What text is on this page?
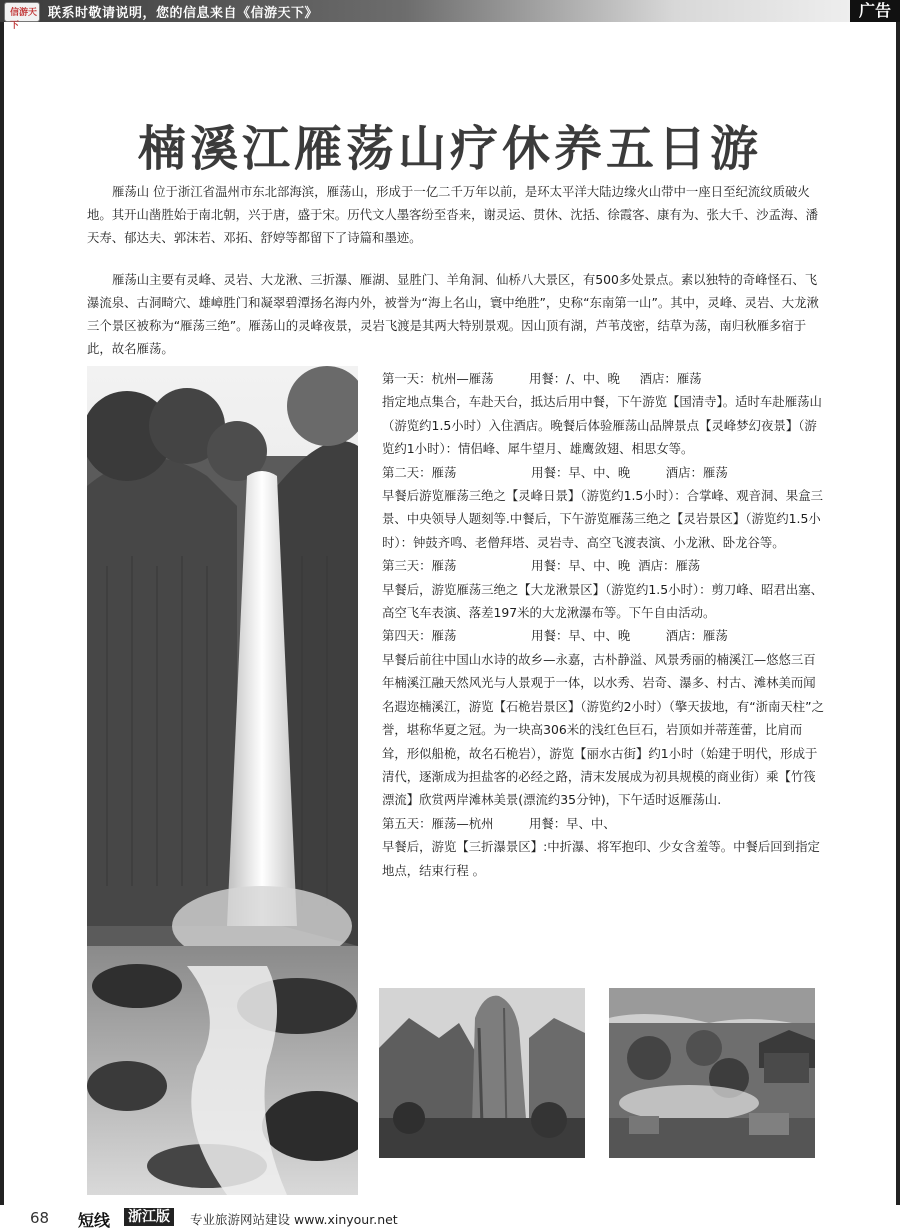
信游天下
联系时敬请说明，您的信息来自《信游天下》	广告
楠溪江雁荡山疗休养五日游
雁荡山 位于浙江省温州市东北部海滨，雁荡山，形成于一亿二千万年以前，是环太平洋大陆边缘火山带中一座日至纪流纹质破火地。其开山凿胜始于南北朝，兴于唐，盛于宋。历代文人墨客纷至沓来，谢灵运、贯休、沈括、徐霞客、康有为、张大千、沙孟海、潘天寿、郁达夫、郭沫若、邓拓、舒婷等都留下了诗篇和墨迹。
雁荡山主要有灵峰、灵岩、大龙湫、三折瀑、雁湖、显胜门、羊角洞、仙桥八大景区，有500多处景点。素以独特的奇峰怪石、飞瀑流泉、古洞畸穴、雄嶂胜门和凝翠碧潭扬名海内外，被誉为“海上名山，寰中绝胜”，史称“东南第一山”。其中，灵峰、灵岩、大龙湫三个景区被称为“雁荡三绝”。雁荡山的灵峰夜景，灵岩飞渡是其两大特别景观。因山顶有湖，芦苇茂密，结草为荡，南归秋雁多宿于此，故名雁荡。
第一天：杭州—雁荡         用餐：/、中、晚     酒店：雁荡
指定地点集合，车赴天台，抵达后用中餐，下午游览【国清寺】。适时车赴雁荡山（游览约1.5小时）入住酒店。晚餐后体验雁荡山品牌景点【灵峰梦幻夜景】（游览约1小时）：情侣峰、犀牛望月、雄鹰敛翅、相思女等。
第二天：雁荡                   用餐：早、中、晚         酒店：雁荡
早餐后游览雁荡三绝之【灵峰日景】（游览约1.5小时）：合掌峰、观音洞、果盒三景、中央领导人题刻等.中餐后，下午游览雁荡三绝之【灵岩景区】（游览约1.5小时）：钟鼓齐鸣、老僧拜塔、灵岩寺、高空飞渡表演、小龙湫、卧龙谷等。
第三天：雁荡                   用餐：早、中、晚  酒店：雁荡
早餐后，游览雁荡三绝之【大龙湫景区】（游览约1.5小时）：剪刀峰、昭君出塞、高空飞车表演、落差197米的大龙湫瀑布等。下午自由活动。
第四天：雁荡                   用餐：早、中、晚         酒店：雁荡
早餐后前往中国山水诗的故乡—永嘉，古朴静溢、风景秀丽的楠溪江—悠悠三百年楠溪江融天然风光与人景观于一体，以水秀、岩奇、瀑多、村古、滩林美而闻名遐迩楠溪江，游览【石桅岩景区】（游览约2小时）（擎天拔地，有“浙南天柱”之誉，堪称华夏之冠。为一块高306米的浅红色巨石，岩顶如并蒂莲蕾，比肩而耸，形似船桅，故名石桅岩），游览【丽水古街】约1小时（始建于明代，形成于清代，逐渐成为担盐客的必经之路，清末发展成为初具规模的商业街）乘【竹筏漂流】欣赏两岸滩林美景(漂流约35分钟)，下午适时返雁荡山.
第五天：雁荡—杭州         用餐：早、中、
早餐后，游览【三折瀑景区】:中折瀑、将军抱印、少女含羞等。中餐后回到指定地点，结束行程 。
68 短线 浙江版	专业旅游网站建设 www.xinyour.net
